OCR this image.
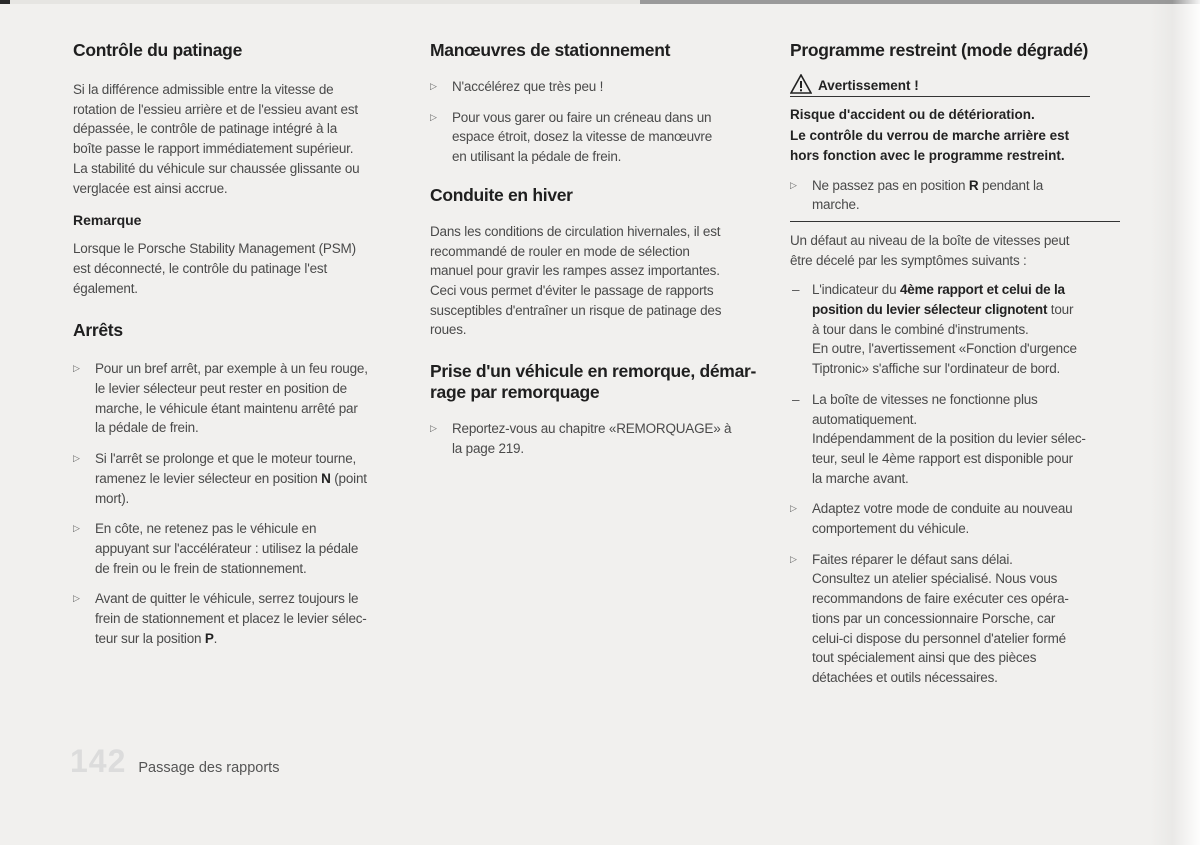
Contrôle du patinage

Si la différence admissible entre la vitesse de
rotation de l'essieu arrière et de l'essieu avant est
dépassée, le contrôle de patinage intégré à la
boîte passe le rapport immédiatement supérieur.
La stabilité du véhicule sur chaussée glissante ou
verglacée est ainsi accrue.

Remarque

Lorsque le Porsche Stability Management (PSM)
est déconnecté, le contrôle du patinage l'est
également.

Arrêts
▷ Pour un bref arrêt, par exemple à un feu rouge,
le levier sélecteur peut rester en position de
marche, le véhicule étant maintenu arrêté par
la pédale de frein.
▷ Si l'arrêt se prolonge et que le moteur tourne,
ramenez le levier sélecteur en position N (point
mort).
▷ En côte, ne retenez pas le véhicule en
appuyant sur l'accélérateur : utilisez la pédale
de frein ou le frein de stationnement.
▷ Avant de quitter le véhicule, serrez toujours le
frein de stationnement et placez le levier sélec-
teur sur la position P.
Manœuvres de stationnement
▷ N'accélérez que très peu !
▷ Pour vous garer ou faire un créneau dans un
espace étroit, dosez la vitesse de manœuvre
en utilisant la pédale de frein.
Conduite en hiver

Dans les conditions de circulation hivernales, il est
recommandé de rouler en mode de sélection
manuel pour gravir les rampes assez importantes.
Ceci vous permet d'éviter le passage de rapports
susceptibles d'entraîner un risque de patinage des
roues.

Prise d'un véhicule en remorque, démar-
rage par remorquage
▷ Reportez-vous au chapitre «REMORQUAGE» à
la page 219.
Programme restreint (mode dégradé)
Avertissement !
Risque d'accident ou de détérioration.
Le contrôle du verrou de marche arrière est
hors fonction avec le programme restreint.
▷ Ne passez pas en position R pendant la
marche.

Un défaut au niveau de la boîte de vitesses peut
être décelé par les symptômes suivants :

– L'indicateur du 4ème rapport et celui de la
position du levier sélecteur clignotent tour
à tour dans le combiné d'instruments.
En outre, l'avertissement «Fonction d'urgence
Tiptronic» s'affiche sur l'ordinateur de bord.
– La boîte de vitesses ne fonctionne plus
automatiquement.
Indépendamment de la position du levier sélec-
teur, seul le 4ème rapport est disponible pour
la marche avant.
▷ Adaptez votre mode de conduite au nouveau
comportement du véhicule.
▷ Faites réparer le défaut sans délai.
Consultez un atelier spécialisé. Nous vous
recommandons de faire exécuter ces opéra-
tions par un concessionnaire Porsche, car
celui-ci dispose du personnel d'atelier formé
tout spécialement ainsi que des pièces
détachées et outils nécessaires.
142 Passage des rapports
